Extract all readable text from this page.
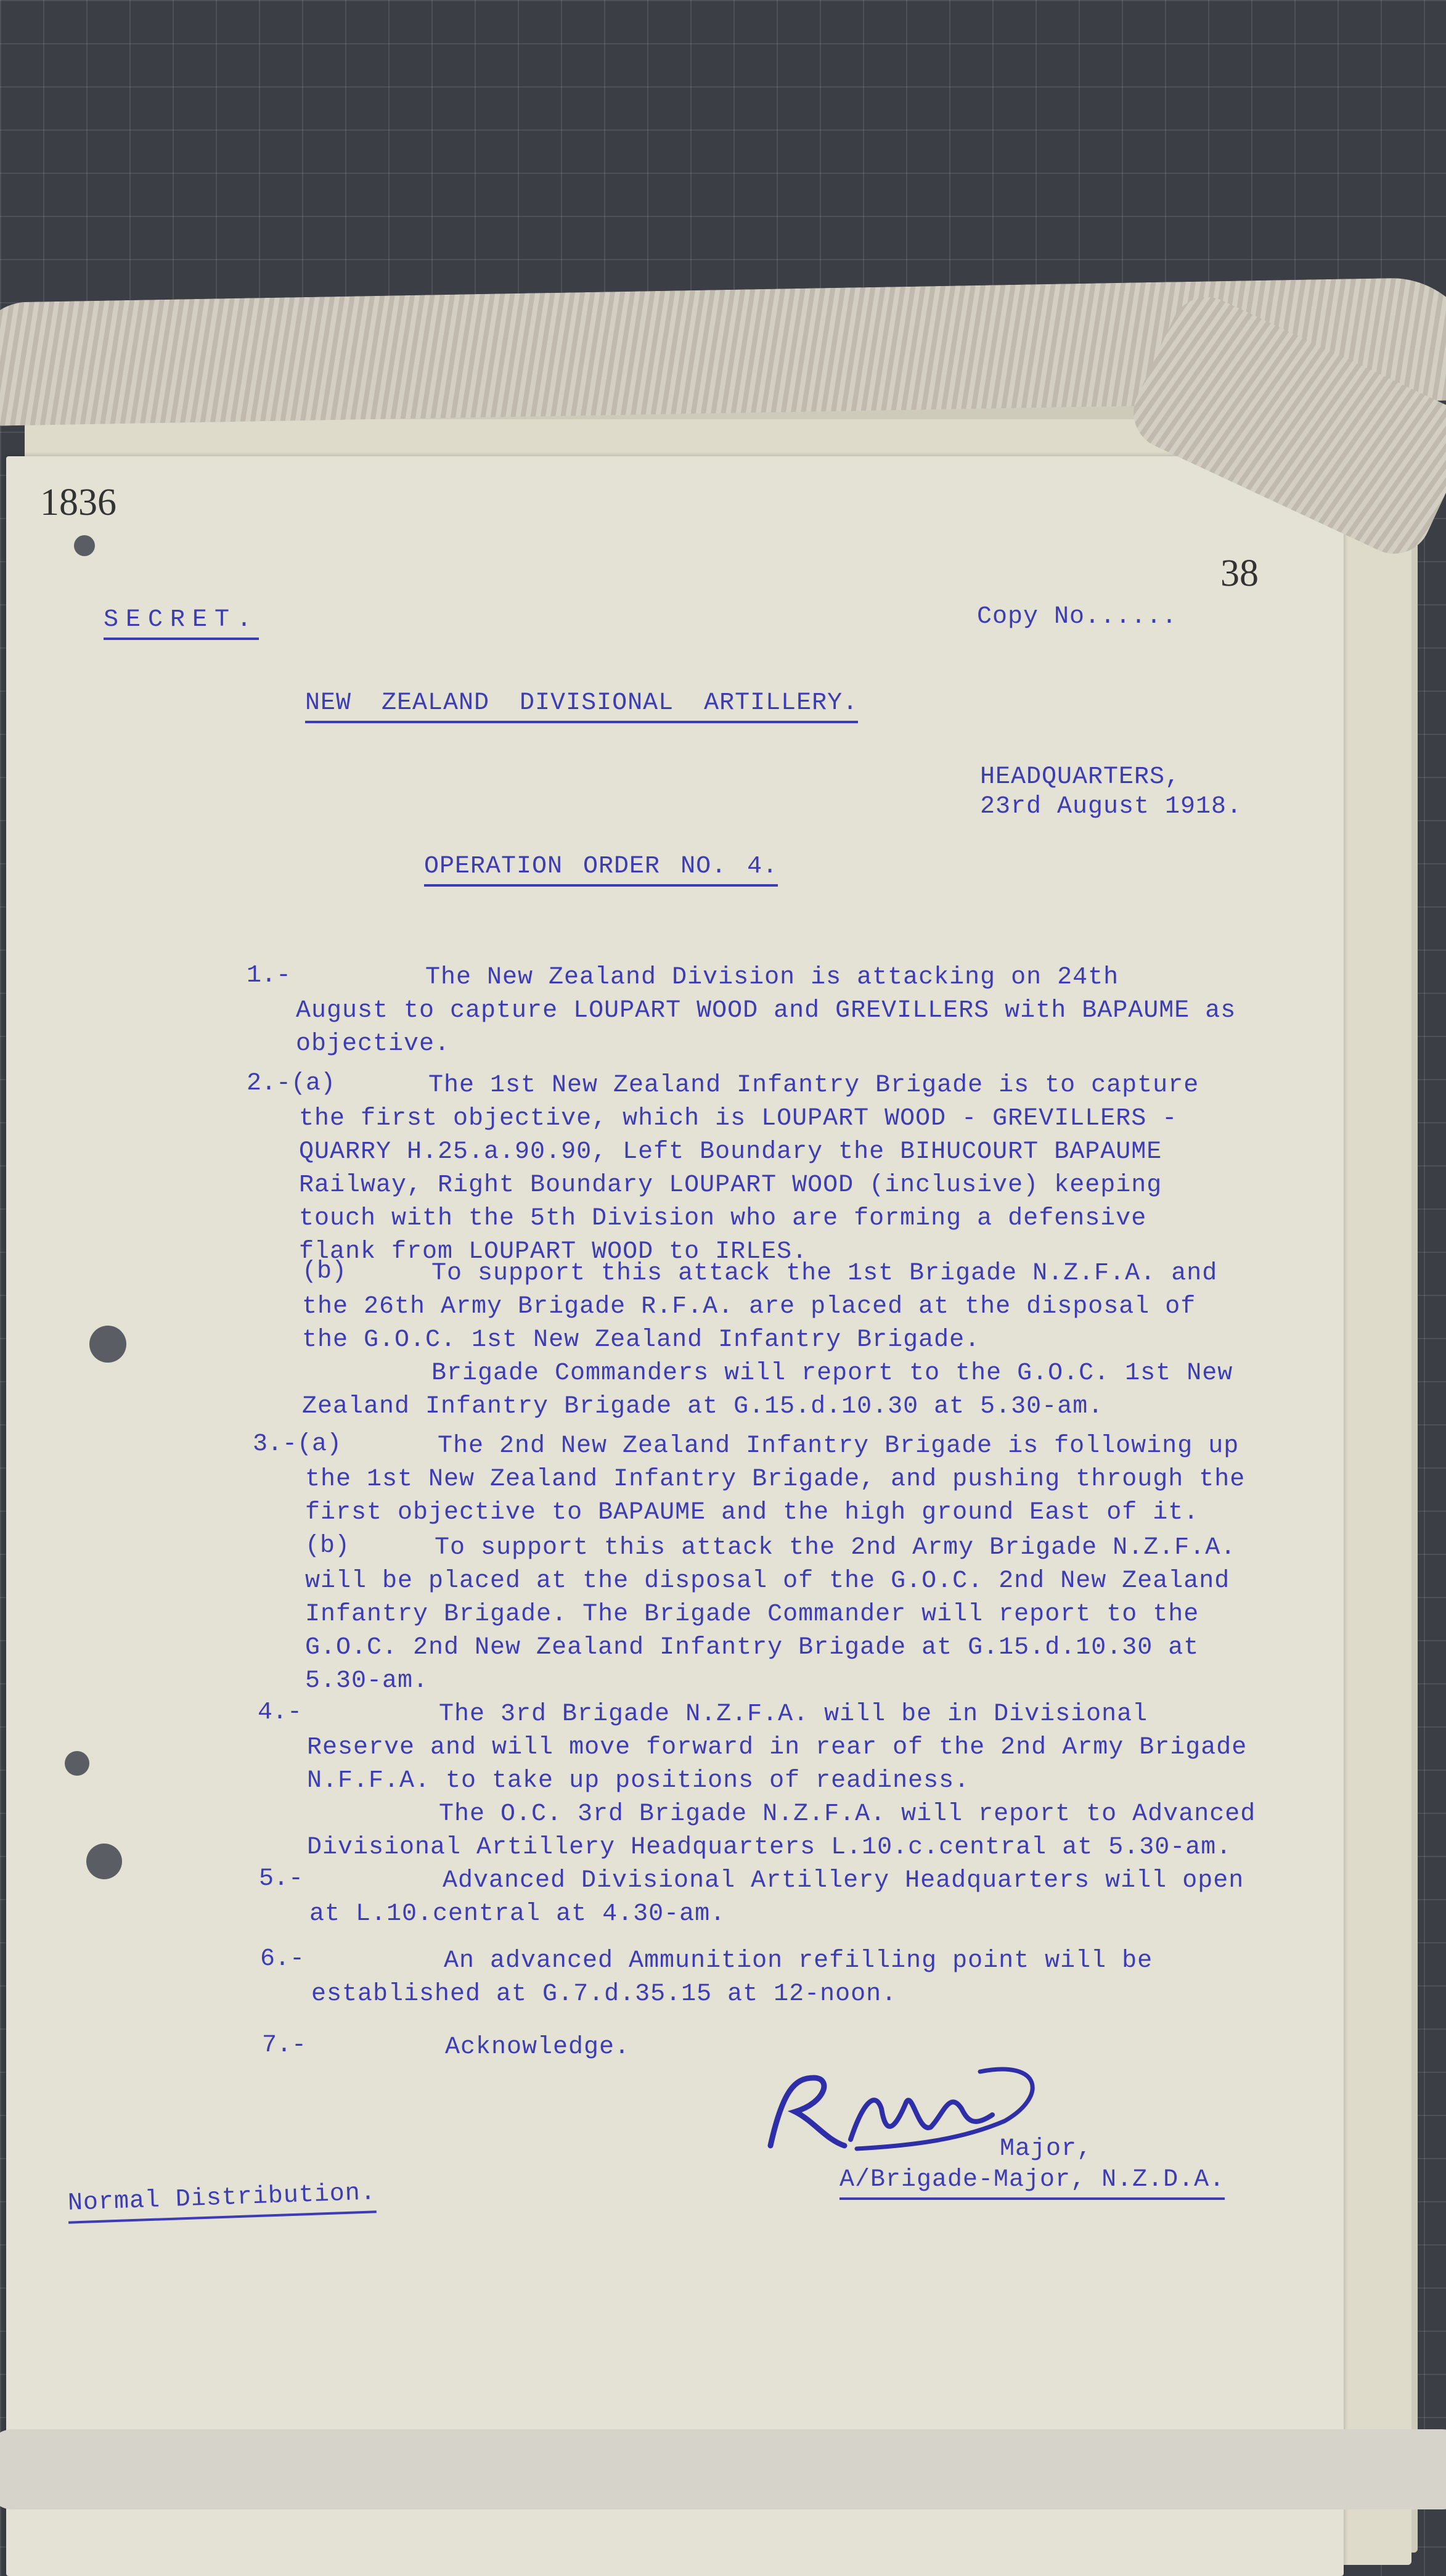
1836
38
SECRET.	Copy No......
NEW ZEALAND DIVISIONAL ARTILLERY.
HEADQUARTERS,
23rd August 1918.
OPERATION ORDER NO. 4.
1.-	The New Zealand Division is attacking on 24th
August to capture LOUPART WOOD and GREVILLERS with BAPAUME as
objective.
2.-(a)	The 1st New Zealand Infantry Brigade is to capture
the first objective, which is LOUPART WOOD - GREVILLERS -
QUARRY H.25.a.90.90, Left Boundary the BIHUCOURT BAPAUME
Railway, Right Boundary LOUPART WOOD (inclusive) keeping
touch with the 5th Division who are forming a defensive
flank from LOUPART WOOD to IRLES.
(b)	To support this attack the 1st Brigade N.Z.F.A. and
the 26th Army Brigade R.F.A. are placed at the disposal of
the G.O.C. 1st New Zealand Infantry Brigade.
Brigade Commanders will report to the G.O.C. 1st New
Zealand Infantry Brigade at G.15.d.10.30 at 5.30-am.
3.-(a)	The 2nd New Zealand Infantry Brigade is following up
the 1st New Zealand Infantry Brigade, and pushing through the
first objective to BAPAUME and the high ground East of it.
(b)	To support this attack the 2nd Army Brigade N.Z.F.A.
will be placed at the disposal of the G.O.C. 2nd New Zealand
Infantry Brigade. The Brigade Commander will report to the
G.O.C. 2nd New Zealand Infantry Brigade at G.15.d.10.30 at
5.30-am.
4.-	The 3rd Brigade N.Z.F.A. will be in Divisional
Reserve and will move forward in rear of the 2nd Army Brigade
N.F.F.A. to take up positions of readiness.
The O.C. 3rd Brigade N.Z.F.A. will report to Advanced
Divisional Artillery Headquarters L.10.c.central at 5.30-am.
5.-	Advanced Divisional Artillery Headquarters will open
at L.10.central at 4.30-am.
6.-	An advanced Ammunition refilling point will be
established at G.7.d.35.15 at 12-noon.
7.-	Acknowledge.
Major,
A/Brigade-Major, N.Z.D.A.
Normal Distribution.
